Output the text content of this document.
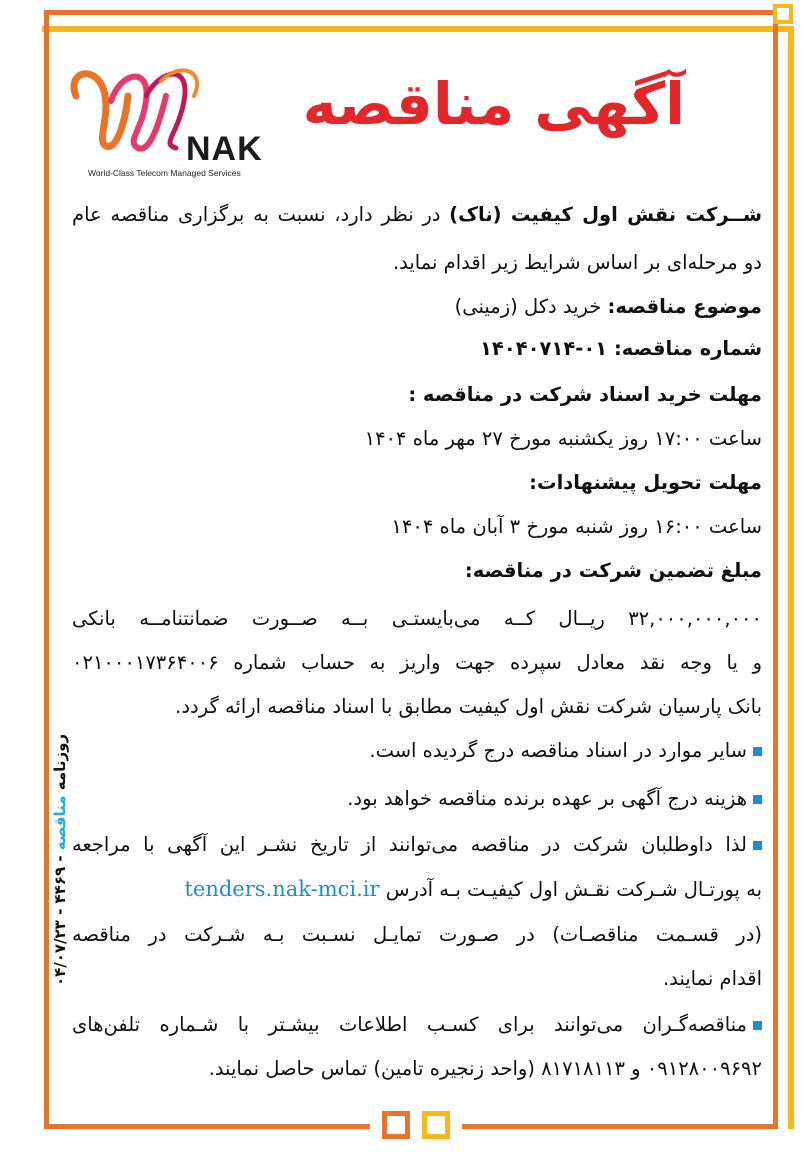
NAK
World-Class Telecom Managed Services
آگهی مناقصه
شــرکت نقش اول کیفیت (ناک) در نظر دارد، نسبت به برگزاری مناقصه عام
دو مرحله‌ای بر اساس شرایط زیر اقدام نماید.
موضوع مناقصه: خرید دکل (زمینی)
شماره مناقصه: ۰۱-۱۴۰۴۰۷۱۴
مهلت خرید اسناد شرکت در مناقصه :
ساعت ۱۷:۰۰ روز یکشنبه مورخ ۲۷ مهر ماه ۱۴۰۴
مهلت تحویل پیشنهادات:
ساعت ۱۶:۰۰ روز شنبه مورخ ۳ آبان ماه ۱۴۰۴
مبلغ تضمین شرکت در مناقصه:
۳۲,۰۰۰,۰۰۰,۰۰۰ ریــال کــه می‌بایستـی بــه صــورت ضمانتنامــه بانکی
و یا وجه نقد معادل سپرده جهت واریز به حساب شماره ۰۲۱۰۰۰۱۷۳۶۴۰۰۶
بانک پارسیان شرکت نقش اول کیفیت مطابق با اسناد مناقصه ارائه گردد.
سایر موارد در اسناد مناقصه درج گردیده است.
هزینه درج آگهی بر عهده برنده مناقصه خواهد بود.
لذا داوطلبان شرکت در مناقصه می‌توانند از تاریخ نشـر این آگهی با مراجعه
به پورتـال شـرکت نقـش اول کیفیـت بـه آدرس tenders.nak-mci.ir
(در قسـمت مناقصـات) در صـورت تمایـل نسـبت بـه شـرکت در مناقصه
اقدام نمایند.
مناقصه‌گـران می‌توانند برای کسـب اطلاعات بیشـتر با شـماره تلفن‌های
۰۹۱۲۸۰۰۹۶۹۲ و ۸۱۷۱۸۱۱۳ (واحد زنجیره تامین) تماس حاصل نمایند.
روزنامه مناقصه - ۴۴۶۹ - ۰۴/۰۷/۲۳
